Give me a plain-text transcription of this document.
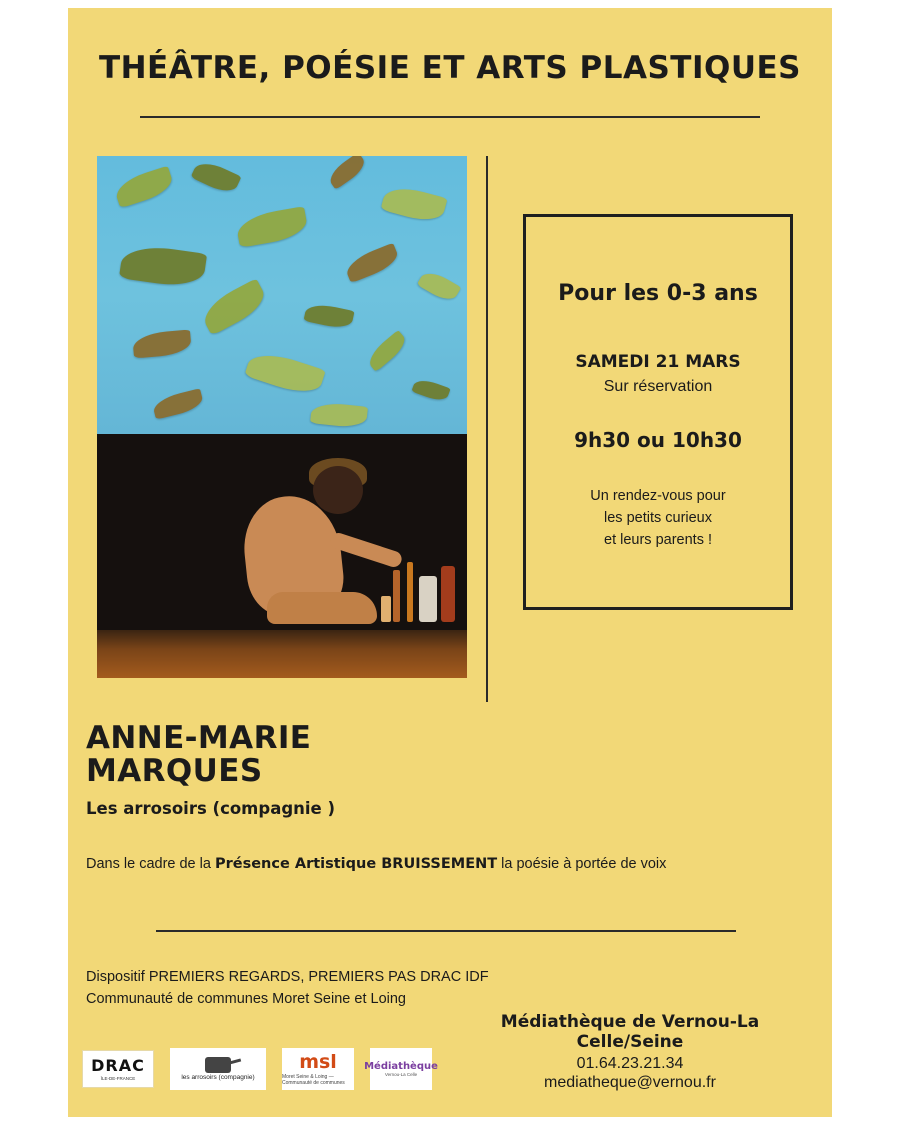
THÉÂTRE, POÉSIE ET ARTS PLASTIQUES
Pour les 0-3 ans
SAMEDI 21 MARS
Sur réservation
9h30 ou 10h30
Un rendez-vous pour
les petits curieux
et leurs parents !
ANNE-MARIE
MARQUES
Les arrosoirs (compagnie )
Dans le cadre de la Présence Artistique BRUISSEMENT la poésie à portée de voix
Dispositif PREMIERS REGARDS, PREMIERS PAS DRAC IDF
Communauté de communes Moret Seine et Loing
Médiathèque de Vernou-La Celle/Seine
01.64.23.21.34
mediatheque@vernou.fr
DRAC
ÎLE-DE-FRANCE	les arrosoirs (compagnie)
msl
Moret Seine & Loing — Communauté de communes
Médiathèque
Vernou-La Celle
